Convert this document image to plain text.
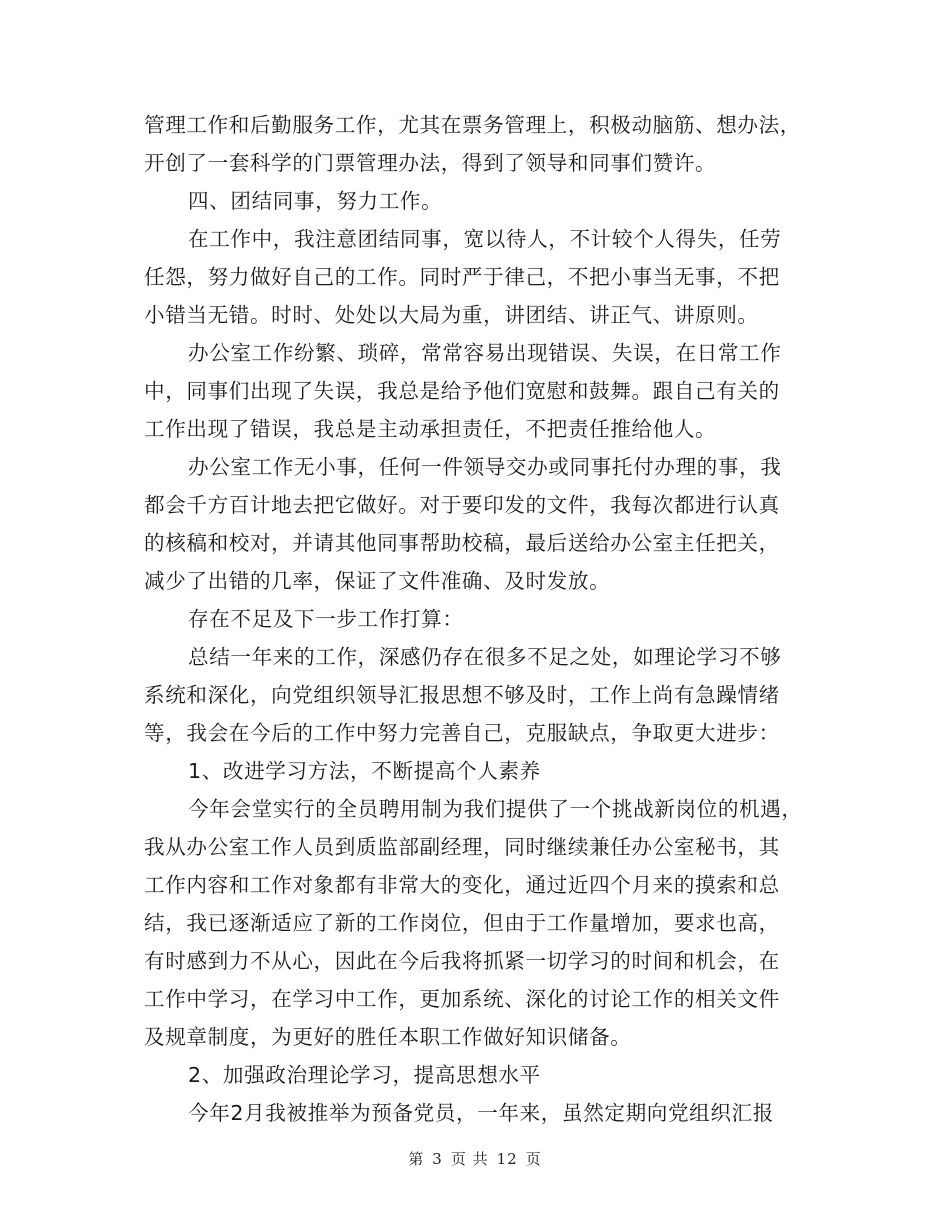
管理工作和后勤服务工作，尤其在票务管理上，积极动脑筋、想办法，
开创了一套科学的门票管理办法，得到了领导和同事们赞许。
四、团结同事，努力工作。
在工作中，我注意团结同事，宽以待人，不计较个人得失，任劳
任怨，努力做好自己的工作。同时严于律己，不把小事当无事，不把
小错当无错。时时、处处以大局为重，讲团结、讲正气、讲原则。
办公室工作纷繁、琐碎，常常容易出现错误、失误，在日常工作
中，同事们出现了失误，我总是给予他们宽慰和鼓舞。跟自己有关的
工作出现了错误，我总是主动承担责任，不把责任推给他人。
办公室工作无小事，任何一件领导交办或同事托付办理的事，我
都会千方百计地去把它做好。对于要印发的文件，我每次都进行认真
的核稿和校对，并请其他同事帮助校稿，最后送给办公室主任把关，
减少了出错的几率，保证了文件准确、及时发放。
存在不足及下一步工作打算：
总结一年来的工作，深感仍存在很多不足之处，如理论学习不够
系统和深化，向党组织领导汇报思想不够及时，工作上尚有急躁情绪
等，我会在今后的工作中努力完善自己，克服缺点，争取更大进步：
1、改进学习方法，不断提高个人素养
今年会堂实行的全员聘用制为我们提供了一个挑战新岗位的机遇，
我从办公室工作人员到质监部副经理，同时继续兼任办公室秘书，其
工作内容和工作对象都有非常大的变化，通过近四个月来的摸索和总
结，我已逐渐适应了新的工作岗位，但由于工作量增加，要求也高，
有时感到力不从心，因此在今后我将抓紧一切学习的时间和机会，在
工作中学习，在学习中工作，更加系统、深化的讨论工作的相关文件
及规章制度，为更好的胜任本职工作做好知识储备。
2、加强政治理论学习，提高思想水平
今年2月我被推举为预备党员，一年来，虽然定期向党组织汇报
第 3 页 共 12 页
